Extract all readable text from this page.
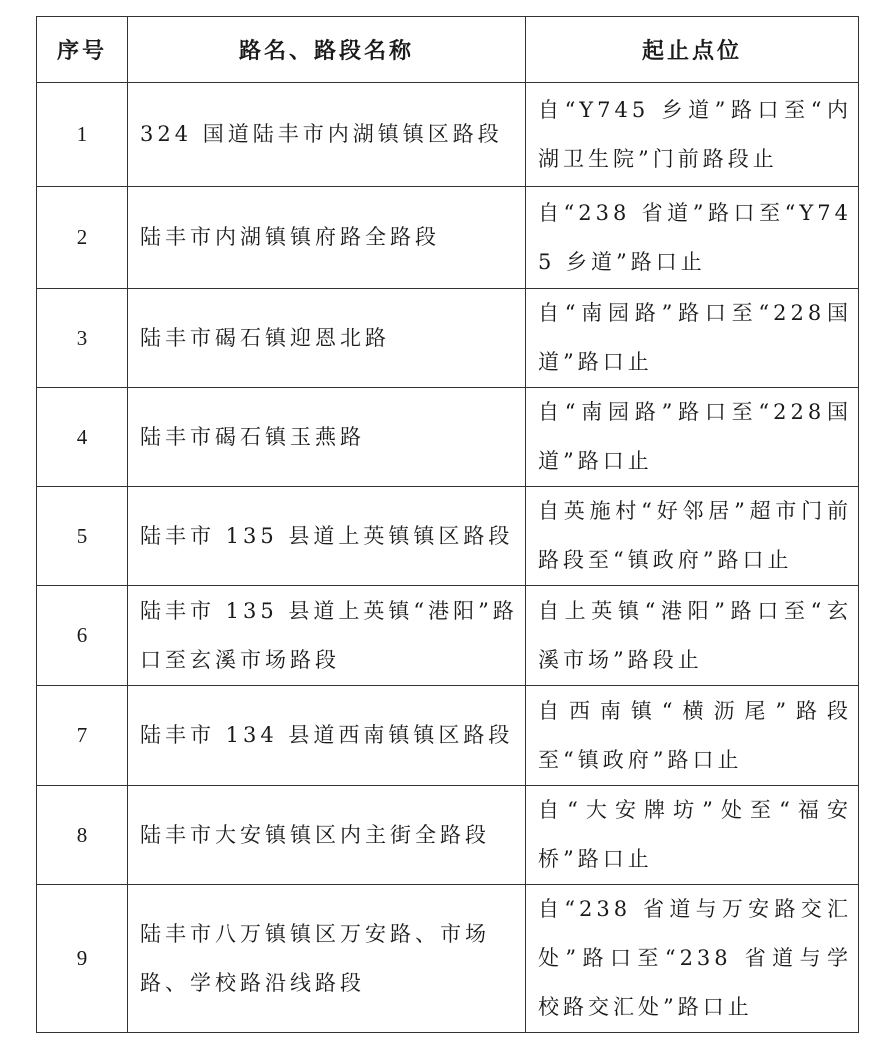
序号	路名、路段名称	起止点位
1	324 国道陆丰市内湖镇镇区路段	自“Y745 乡道”路口至“内湖卫生院”门前路段止
2	陆丰市内湖镇镇府路全路段	自“238 省道”路口至“Y745 乡道”路口止
3	陆丰市碣石镇迎恩北路	自“南园路”路口至“228国道”路口止
4	陆丰市碣石镇玉燕路	自“南园路”路口至“228国道”路口止
5	陆丰市 135 县道上英镇镇区路段	自英施村“好邻居”超市门前路段至“镇政府”路口止
6	陆丰市 135 县道上英镇“港阳”路口至玄溪市场路段	自上英镇“港阳”路口至“玄溪市场”路段止
7	陆丰市 134 县道西南镇镇区路段	自西南镇“横沥尾”路段至“镇政府”路口止
8	陆丰市大安镇镇区内主街全路段	自“大安牌坊”处至“福安桥”路口止
9	陆丰市八万镇镇区万安路、市场路、学校路沿线路段	自“238 省道与万安路交汇处”路口至“238 省道与学校路交汇处”路口止
